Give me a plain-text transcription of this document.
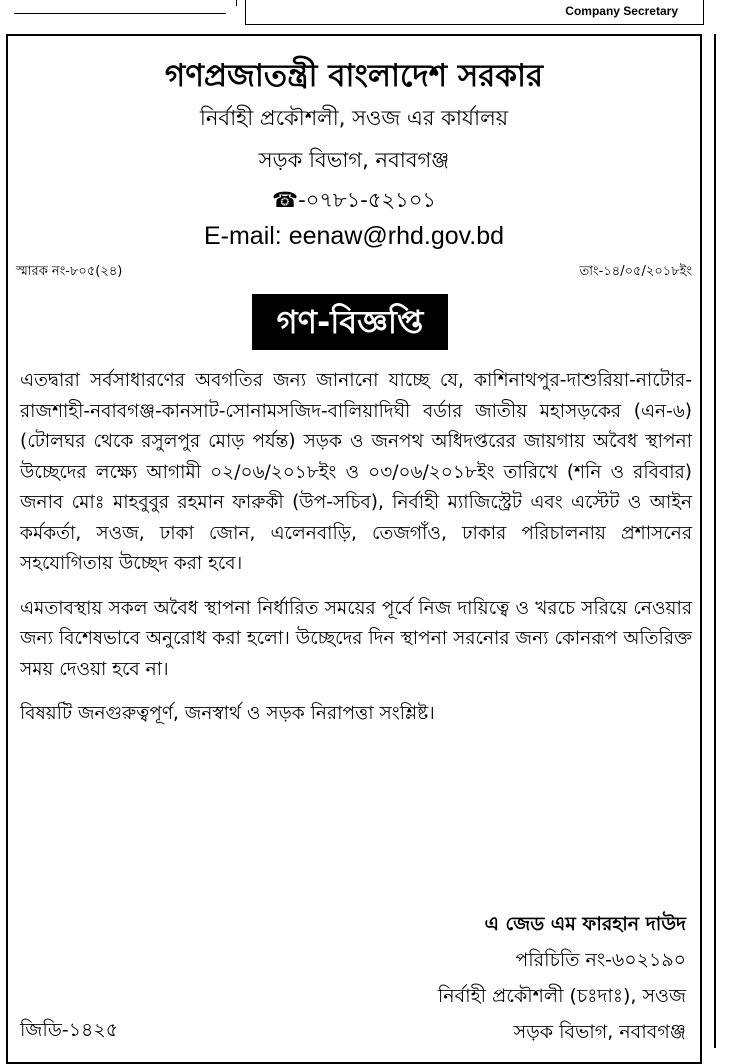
Company Secretary
গণপ্রজাতন্ত্রী বাংলাদেশ সরকার
নির্বাহী প্রকৌশলী, সওজ এর কার্যালয়
সড়ক বিভাগ, নবাবগঞ্জ
☎-০৭৮১-৫২১০১
E-mail: eenaw@rhd.gov.bd
স্মারক নং-৮০৫(২৪)	তাং-১৪/০৫/২০১৮ইং
গণ-বিজ্ঞপ্তি

এতদ্বারা সর্বসাধারণের অবগতির জন্য জানানো যাচ্ছে যে, কাশিনাথপুর-দাশুরিয়া-নাটোর-রাজশাহী-নবাবগঞ্জ-কানসাট-সোনামসজিদ-বালিয়াদিঘী বর্ডার জাতীয় মহাসড়কের (এন-৬) (টোলঘর থেকে রসুলপুর মোড় পর্যন্ত) সড়ক ও জনপথ অধিদপ্তরের জায়গায় অবৈধ স্থাপনা উচ্ছেদের লক্ষ্যে আগামী ০২/০৬/২০১৮ইং ও ০৩/০৬/২০১৮ইং তারিখে (শনি ও রবিবার) জনাব মোঃ মাহবুবুর রহমান ফারুকী (উপ-সচিব), নির্বাহী ম্যাজিস্ট্রেট এবং এস্টেট ও আইন কর্মকর্তা, সওজ, ঢাকা জোন, এলেনবাড়ি, তেজগাঁও, ঢাকার পরিচালনায় প্রশাসনের সহযোগিতায় উচ্ছেদ করা হবে।

এমতাবস্থায় সকল অবৈধ স্থাপনা নির্ধারিত সময়ের পূর্বে নিজ দায়িত্বে ও খরচে সরিয়ে নেওয়ার জন্য বিশেষভাবে অনুরোধ করা হলো। উচ্ছেদের দিন স্থাপনা সরনোর জন্য কোনরূপ অতিরিক্ত সময় দেওয়া হবে না।

বিষয়টি জনগুরুত্বপূর্ণ, জনস্বার্থ ও সড়ক নিরাপত্তা সংশ্লিষ্ট।

এ জেড এম ফারহান দাউদ
পরিচিতি নং-৬০২১৯০
নির্বাহী প্রকৌশলী (চঃদাঃ), সওজ
সড়ক বিভাগ, নবাবগঞ্জ
জিডি-১৪২৫
